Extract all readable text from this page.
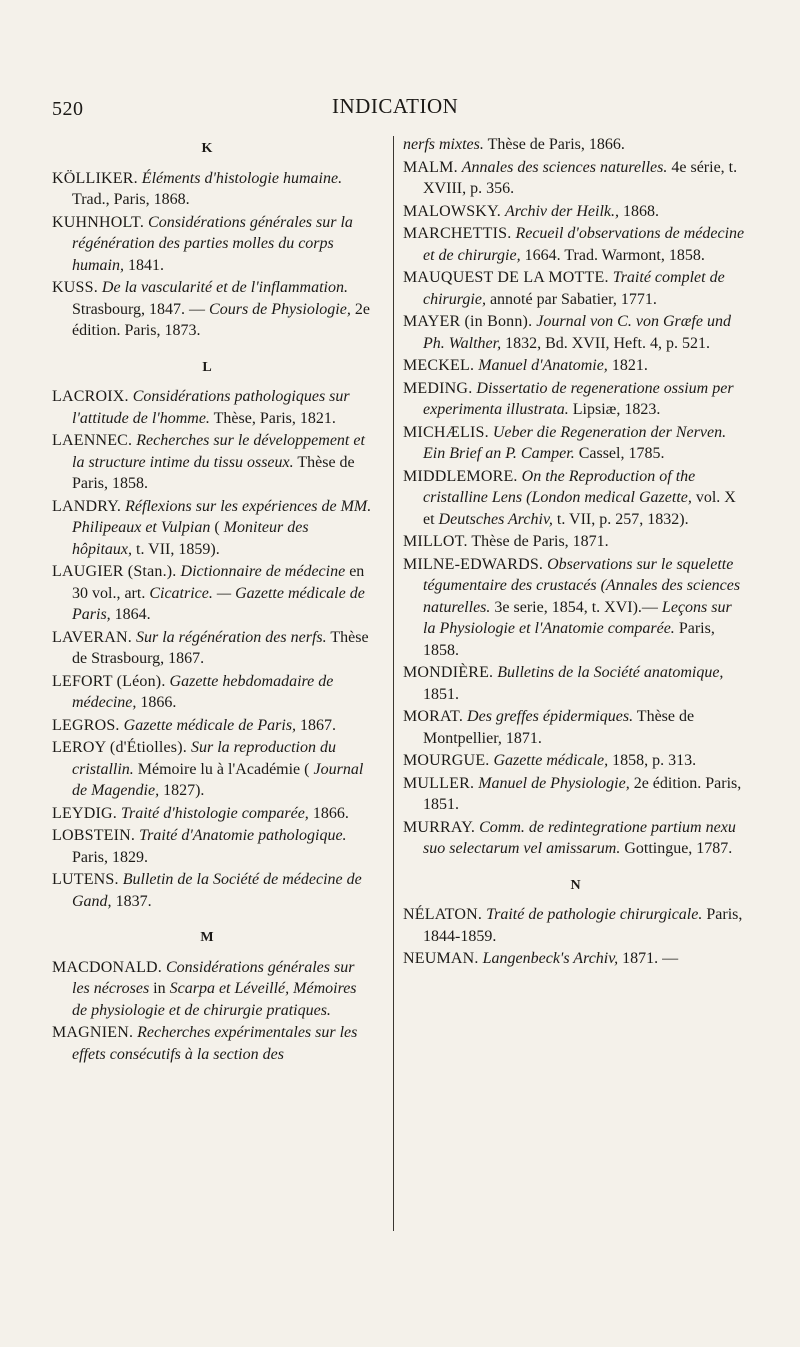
520	INDICATION
K
KÖLLIKER. Éléments d'histologie humaine. Trad., Paris, 1868.
KUHNHOLT. Considérations générales sur la régénération des parties molles du corps humain, 1841.
KUSS. De la vascularité et de l'inflammation. Strasbourg, 1847. — Cours de Physiologie, 2e édition. Paris, 1873.
L
LACROIX. Considérations pathologiques sur l'attitude de l'homme. Thèse, Paris, 1821.
LAENNEC. Recherches sur le développement et la structure intime du tissu osseux. Thèse de Paris, 1858.
LANDRY. Réflexions sur les expériences de MM. Philipeaux et Vulpian ( Moniteur des hôpitaux, t. VII, 1859).
LAUGIER (Stan.). Dictionnaire de médecine en 30 vol., art. Cicatrice. — Gazette médicale de Paris, 1864.
LAVERAN. Sur la régénération des nerfs. Thèse de Strasbourg, 1867.
LEFORT (Léon). Gazette hebdomadaire de médecine, 1866.
LEGROS. Gazette médicale de Paris, 1867.
LEROY (d'Étiolles). Sur la reproduction du cristallin. Mémoire lu à l'Académie ( Journal de Magendie, 1827).
LEYDIG. Traité d'histologie comparée, 1866.
LOBSTEIN. Traité d'Anatomie pathologique. Paris, 1829.
LUTENS. Bulletin de la Société de médecine de Gand, 1837.
M
MACDONALD. Considérations générales sur les nécroses in Scarpa et Léveillé, Mémoires de physiologie et de chirurgie pratiques.
MAGNIEN. Recherches expérimentales sur les effets consécutifs à la section des
nerfs mixtes. Thèse de Paris, 1866.
MALM. Annales des sciences naturelles. 4e série, t. XVIII, p. 356.
MALOWSKY. Archiv der Heilk., 1868.
MARCHETTIS. Recueil d'observations de médecine et de chirurgie, 1664. Trad. Warmont, 1858.
MAUQUEST DE LA MOTTE. Traité complet de chirurgie, annoté par Sabatier, 1771.
MAYER (in Bonn). Journal von C. von Græfe und Ph. Walther, 1832, Bd. XVII, Heft. 4, p. 521.
MECKEL. Manuel d'Anatomie, 1821.
MEDING. Dissertatio de regeneratione ossium per experimenta illustrata. Lipsiæ, 1823.
MICHÆLIS. Ueber die Regeneration der Nerven. Ein Brief an P. Camper. Cassel, 1785.
MIDDLEMORE. On the Reproduction of the cristalline Lens (London medical Gazette, vol. X et Deutsches Archiv, t. VII, p. 257, 1832).
MILLOT. Thèse de Paris, 1871.
MILNE-EDWARDS. Observations sur le squelette tégumentaire des crustacés (Annales des sciences naturelles. 3e serie, 1854, t. XVI).— Leçons sur la Physiologie et l'Anatomie comparée. Paris, 1858.
MONDIÈRE. Bulletins de la Société anatomique, 1851.
MORAT. Des greffes épidermiques. Thèse de Montpellier, 1871.
MOURGUE. Gazette médicale, 1858, p. 313.
MULLER. Manuel de Physiologie, 2e édition. Paris, 1851.
MURRAY. Comm. de redintegratione partium nexu suo selectarum vel amissarum. Gottingue, 1787.
N
NÉLATON. Traité de pathologie chirurgicale. Paris, 1844-1859.
NEUMAN. Langenbeck's Archiv, 1871. —
